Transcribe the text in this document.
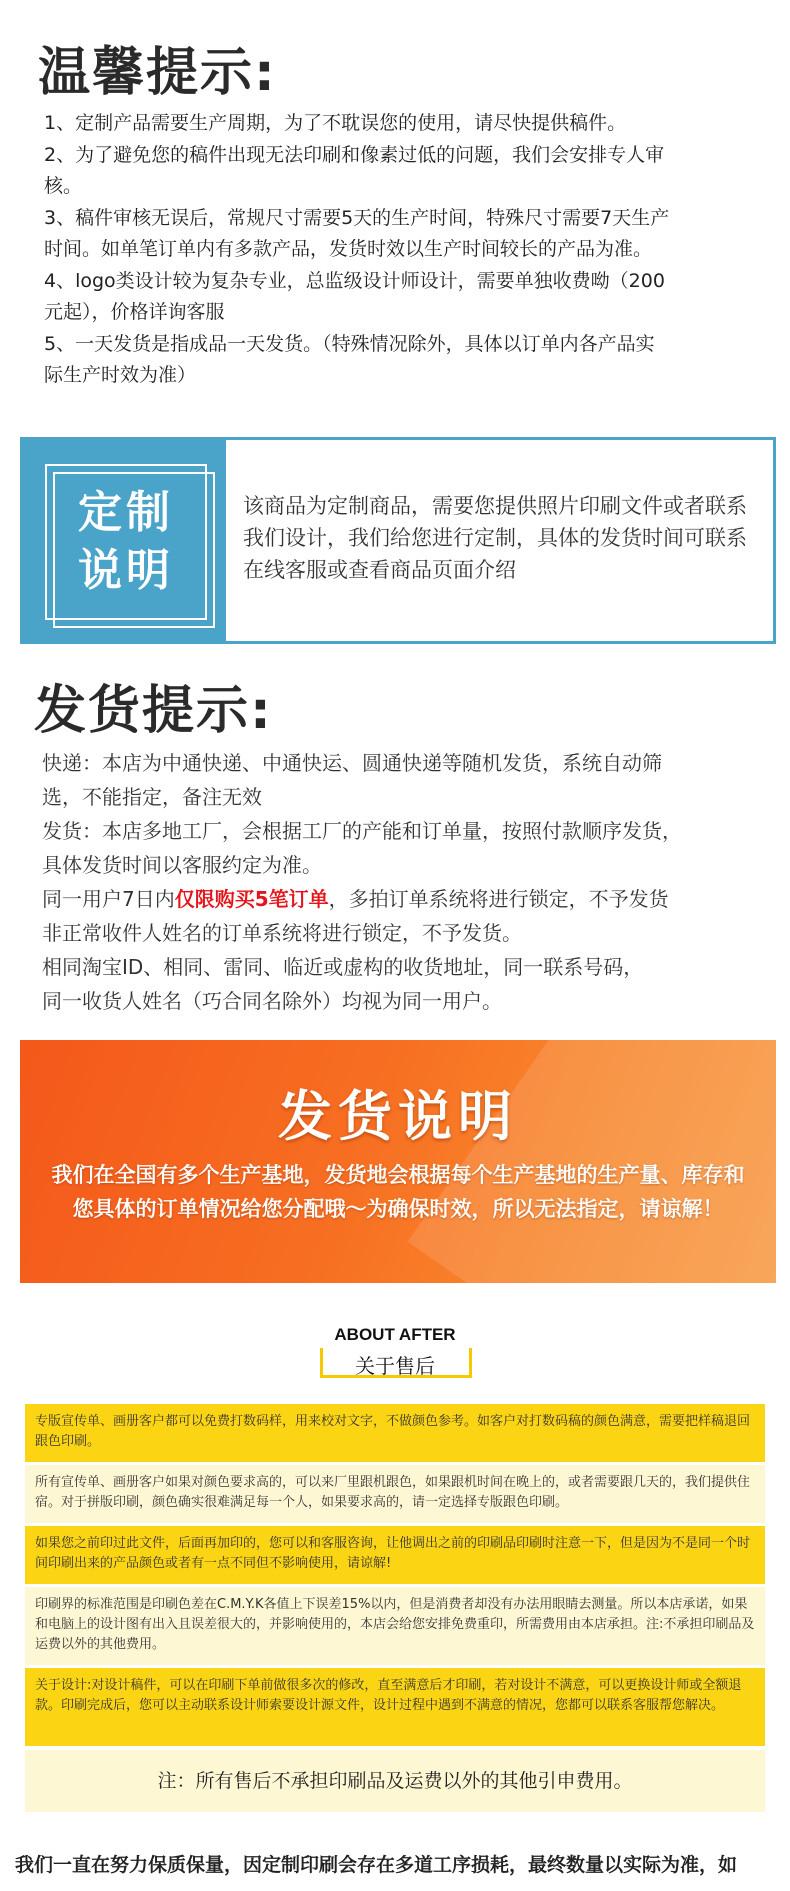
温馨提示:
1、定制产品需要生产周期，为了不耽误您的使用，请尽快提供稿件。
2、为了避免您的稿件出现无法印刷和像素过低的问题，我们会安排专人审
核。
3、稿件审核无误后，常规尺寸需要5天的生产时间，特殊尺寸需要7天生产
时间。如单笔订单内有多款产品，发货时效以生产时间较长的产品为准。
4、logo类设计较为复杂专业，总监级设计师设计，需要单独收费呦（200
元起），价格详询客服
5、一天发货是指成品一天发货。（特殊情况除外，具体以订单内各产品实
际生产时效为准）
定制
说明
该商品为定制商品，需要您提供照片印刷文件或者联系我们设计，我们给您进行定制，具体的发货时间可联系在线客服或查看商品页面介绍
发货提示:
快递：本店为中通快递、中通快运、圆通快递等随机发货，系统自动筛
选，不能指定，备注无效
发货：本店多地工厂，会根据工厂的产能和订单量，按照付款顺序发货，
具体发货时间以客服约定为准。
同一用户7日内仅限购买5笔订单，多拍订单系统将进行锁定，不予发货
非正常收件人姓名的订单系统将进行锁定，不予发货。
相同淘宝ID、相同、雷同、临近或虚构的收货地址，同一联系号码，
同一收货人姓名（巧合同名除外）均视为同一用户。
发货说明
我们在全国有多个生产基地，发货地会根据每个生产基地的生产量、库存和您具体的订单情况给您分配哦～为确保时效，所以无法指定，请谅解！
ABOUT AFTER
关于售后
专版宣传单、画册客户都可以免费打数码样，用来校对文字，不做颜色参考。如客户对打数码稿的颜色满意，需要把样稿退回跟色印刷。
所有宣传单、画册客户如果对颜色要求高的，可以来厂里跟机跟色，如果跟机时间在晚上的，或者需要跟几天的，我们提供住宿。对于拼版印刷，颜色确实很难满足每一个人，如果要求高的，请一定选择专版跟色印刷。
如果您之前印过此文件，后面再加印的，您可以和客服咨询，让他调出之前的印刷品印刷时注意一下，但是因为不是同一个时间印刷出来的产品颜色或者有一点不同但不影响使用，请谅解!
印刷界的标准范围是印刷色差在C.M.Y.K各值上下误差15%以内，但是消费者却没有办法用眼睛去测量。所以本店承诺，如果和电脑上的设计图有出入且误差很大的，并影响使用的，本店会给您安排免费重印，所需费用由本店承担。注:不承担印刷品及运费以外的其他费用。
关于设计:对设计稿件，可以在印刷下单前做很多次的修改，直至满意后才印刷，若对设计不满意，可以更换设计师或全额退款。印刷完成后，您可以主动联系设计师索要设计源文件，设计过程中遇到不满意的情况，您都可以联系客服帮您解决。
注：所有售后不承担印刷品及运费以外的其他引申费用。
我们一直在努力保质保量，因定制印刷会存在多道工序损耗，最终数量以实际为准，如
